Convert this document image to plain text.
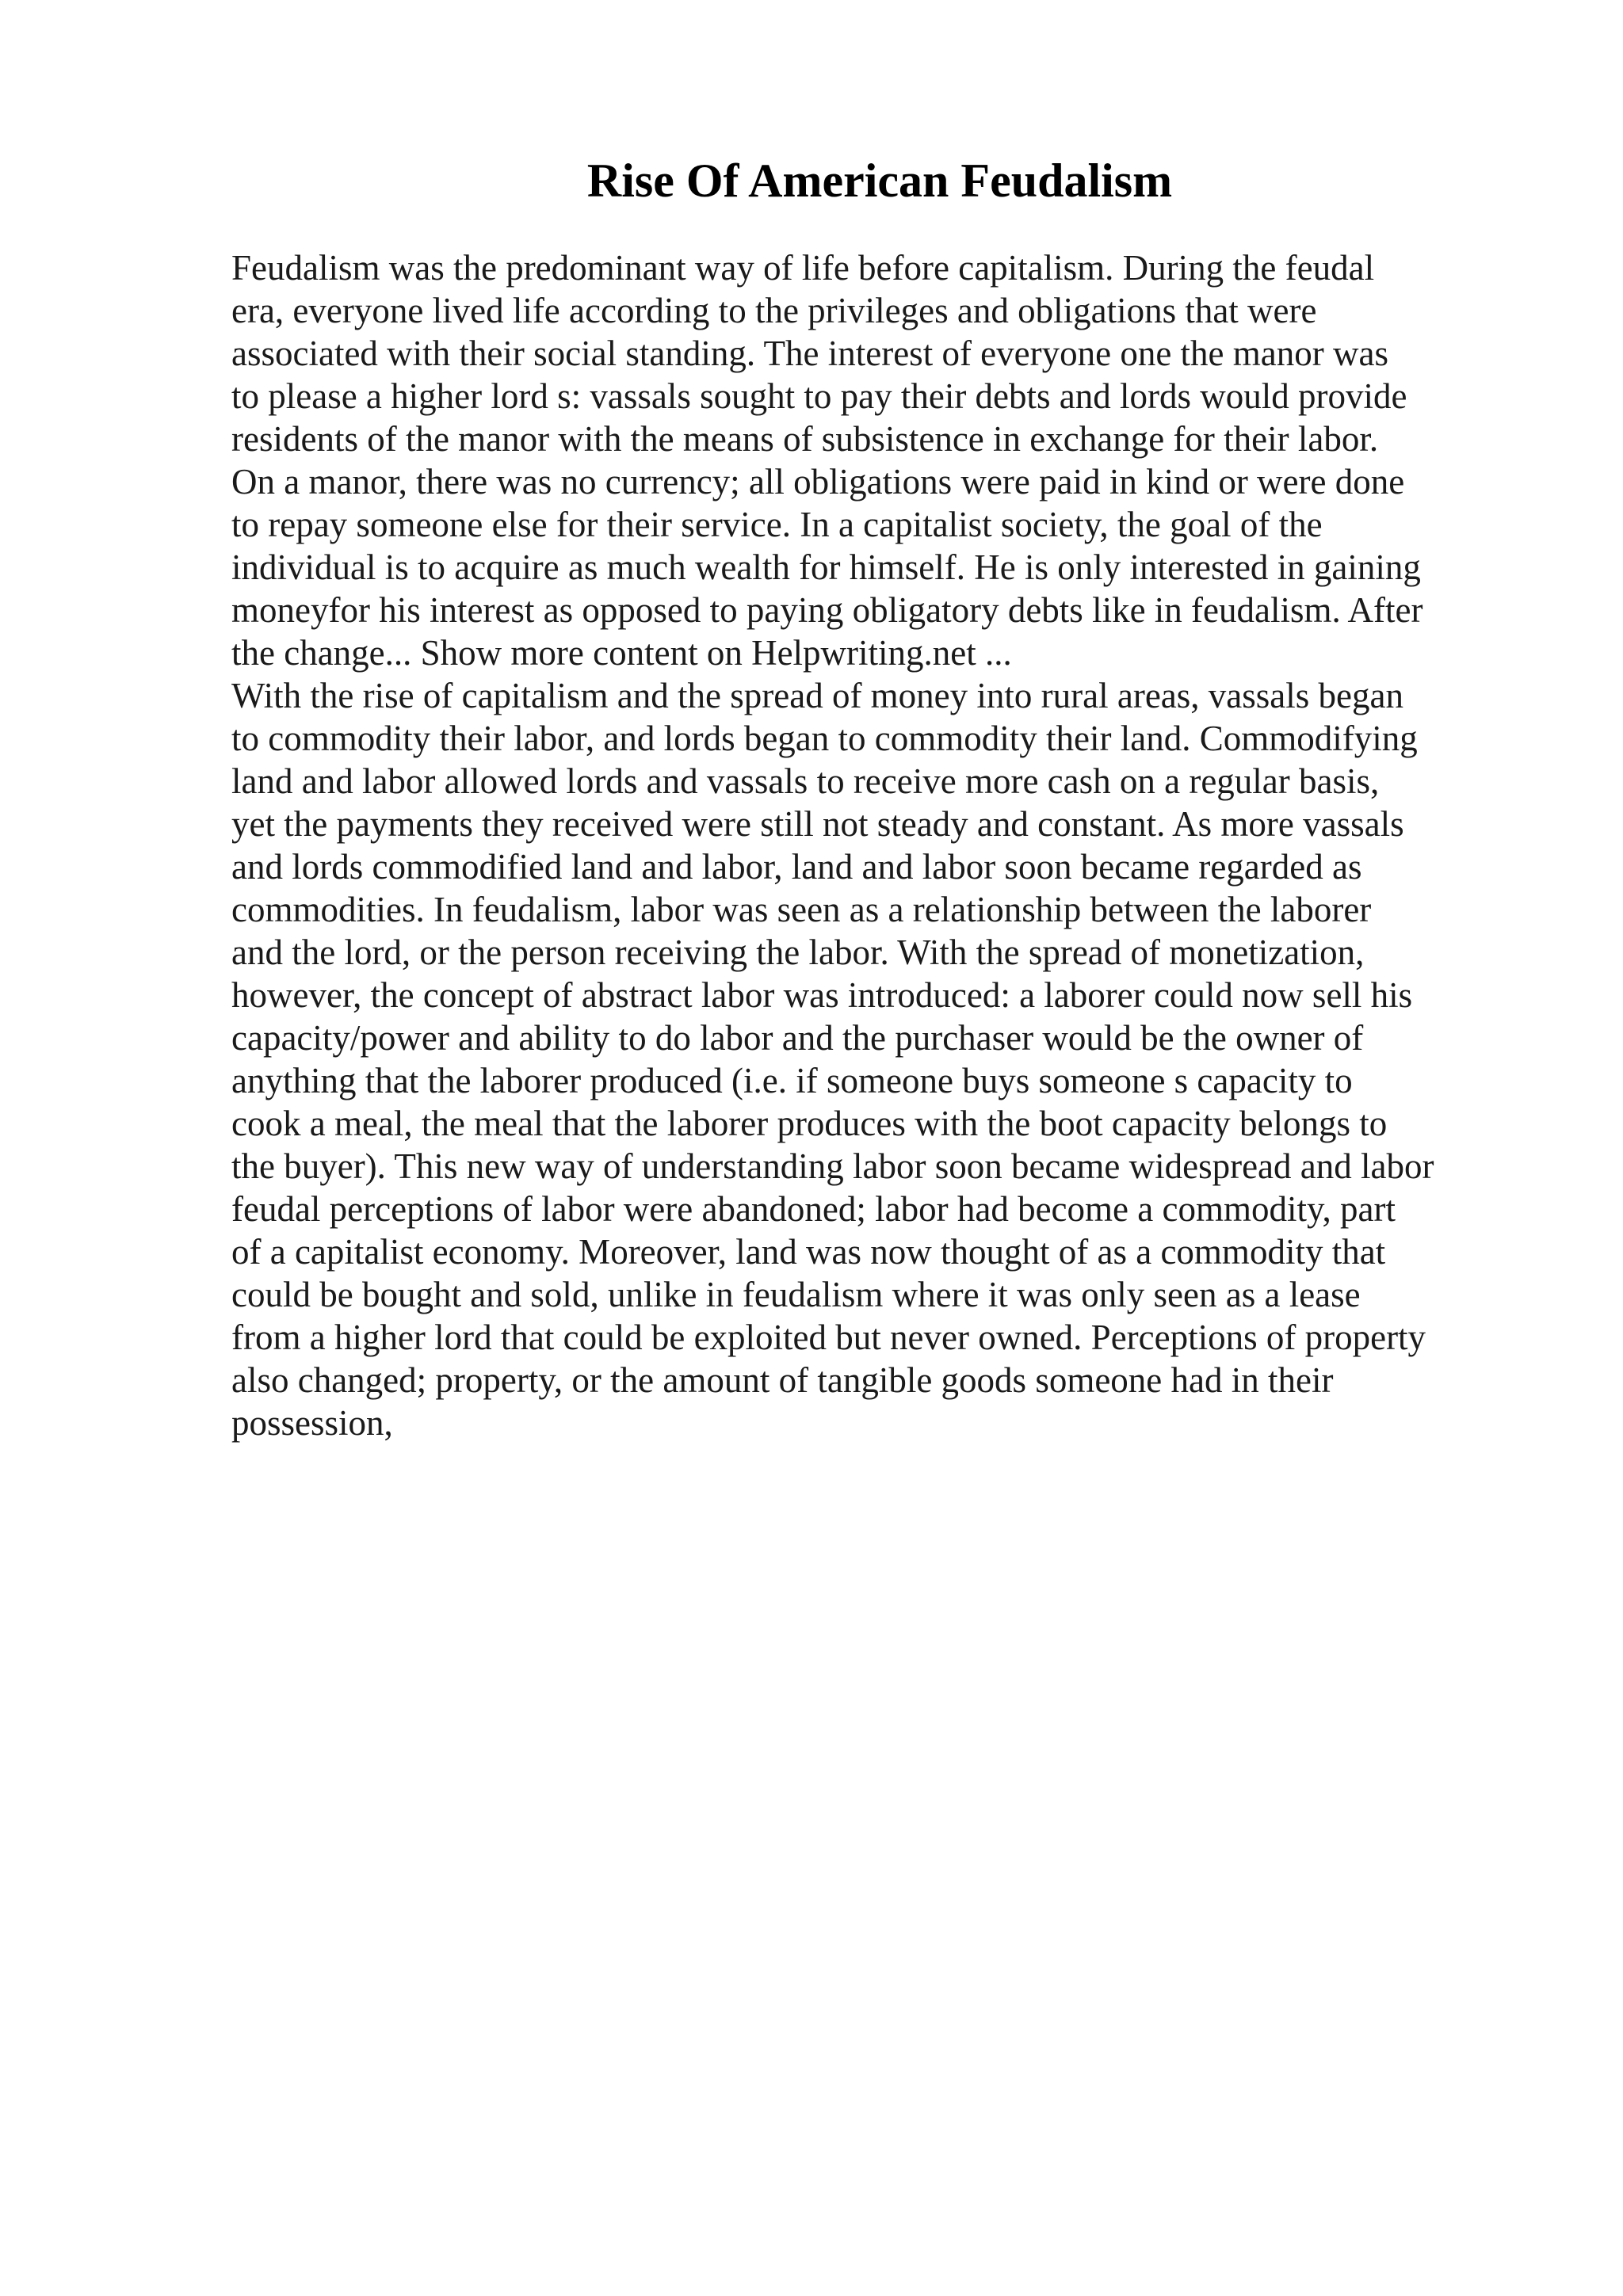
Rise Of American Feudalism
Feudalism was the predominant way of life before capitalism. During the feudal
era, everyone lived life according to the privileges and obligations that were
associated with their social standing. The interest of everyone one the manor was
to please a higher lord s: vassals sought to pay their debts and lords would provide
residents of the manor with the means of subsistence in exchange for their labor.
On a manor, there was no currency; all obligations were paid in kind or were done
to repay someone else for their service. In a capitalist society, the goal of the
individual is to acquire as much wealth for himself. He is only interested in gaining
moneyfor his interest as opposed to paying obligatory debts like in feudalism. After
the change... Show more content on Helpwriting.net ...
With the rise of capitalism and the spread of money into rural areas, vassals began
to commodity their labor, and lords began to commodity their land. Commodifying
land and labor allowed lords and vassals to receive more cash on a regular basis,
yet the payments they received were still not steady and constant. As more vassals
and lords commodified land and labor, land and labor soon became regarded as
commodities. In feudalism, labor was seen as a relationship between the laborer
and the lord, or the person receiving the labor. With the spread of monetization,
however, the concept of abstract labor was introduced: a laborer could now sell his
capacity/power and ability to do labor and the purchaser would be the owner of
anything that the laborer produced (i.e. if someone buys someone s capacity to
cook a meal, the meal that the laborer produces with the boot capacity belongs to
the buyer). This new way of understanding labor soon became widespread and labor
feudal perceptions of labor were abandoned; labor had become a commodity, part
of a capitalist economy. Moreover, land was now thought of as a commodity that
could be bought and sold, unlike in feudalism where it was only seen as a lease
from a higher lord that could be exploited but never owned. Perceptions of property
also changed; property, or the amount of tangible goods someone had in their
possession,
